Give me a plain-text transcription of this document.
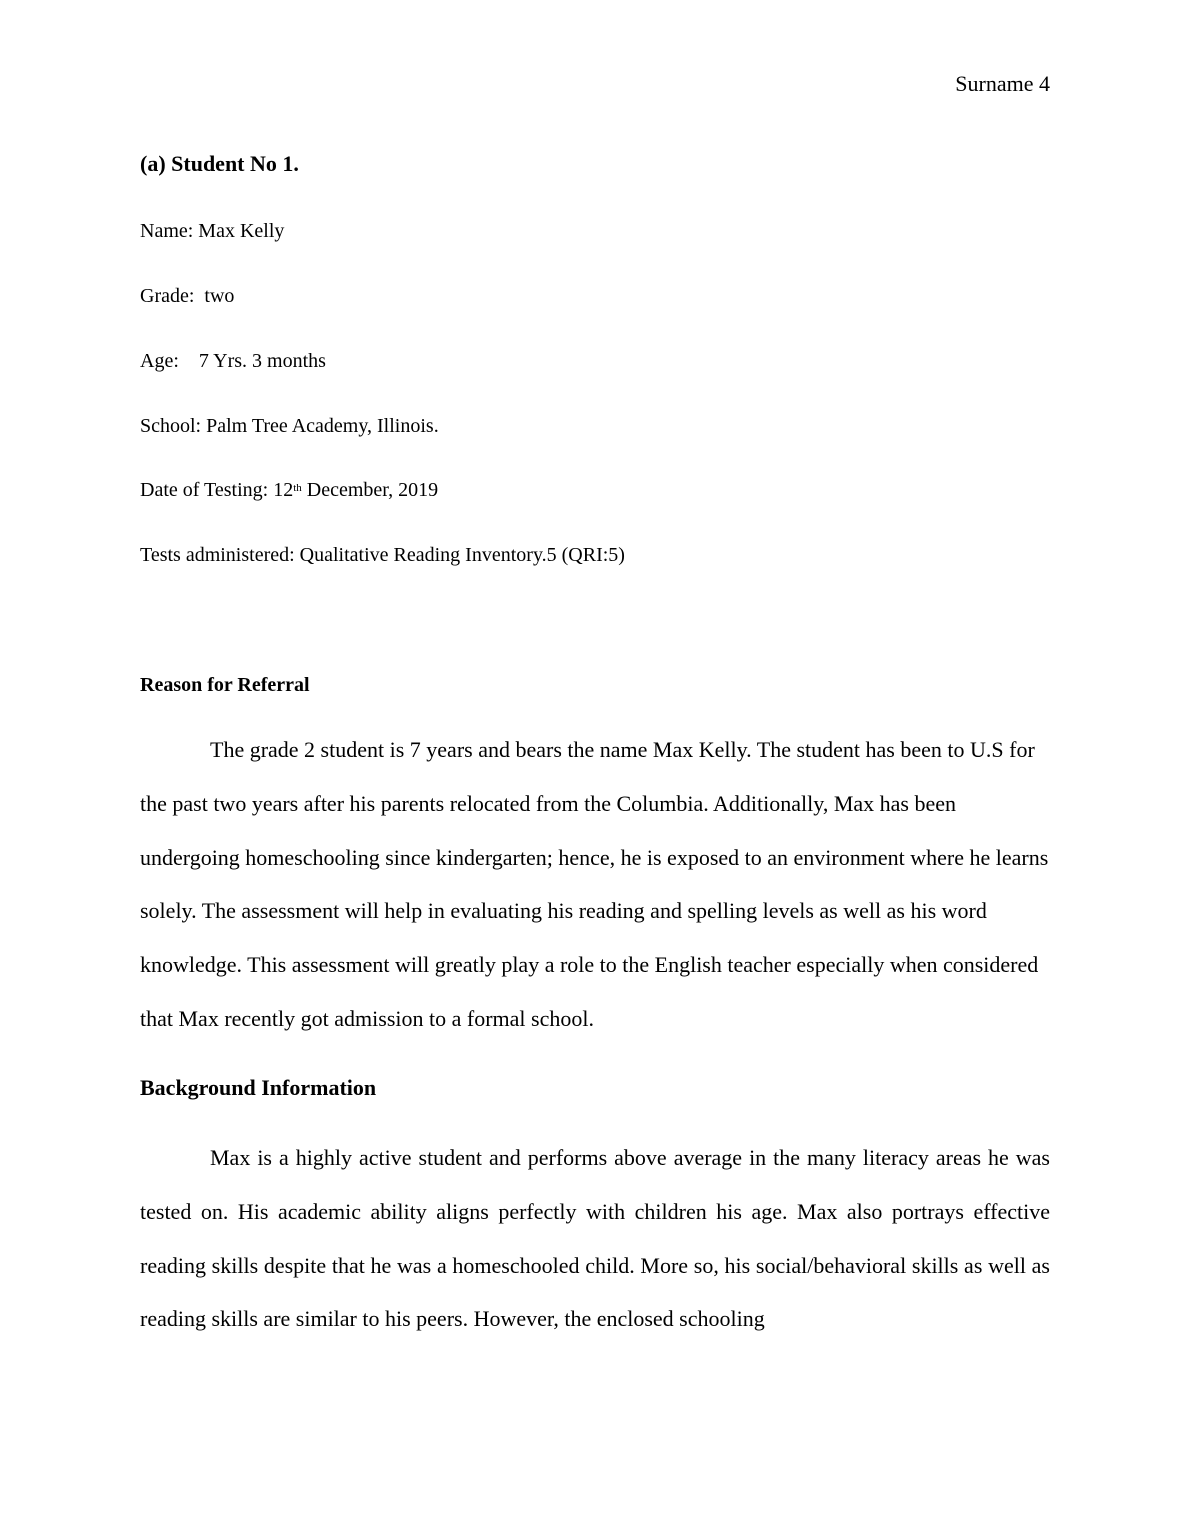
Surname 4
(a) Student No 1.
Name: Max Kelly
Grade:  two
Age:    7 Yrs. 3 months
School: Palm Tree Academy, Illinois.
Date of Testing: 12th December, 2019
Tests administered: Qualitative Reading Inventory.5 (QRI:5)
Reason for Referral

The grade 2 student is 7 years and bears the name Max Kelly. The student has been to U.S for the past two years after his parents relocated from the Columbia. Additionally, Max has been undergoing homeschooling since kindergarten; hence, he is exposed to an environment where he learns solely. The assessment will help in evaluating his reading and spelling levels as well as his word knowledge. This assessment will greatly play a role to the English teacher especially when considered that Max recently got admission to a formal school.

Background Information

Max is a highly active student and performs above average in the many literacy areas he was tested on. His academic ability aligns perfectly with children his age. Max also portrays effective reading skills despite that he was a homeschooled child. More so, his social/behavioral skills as well as reading skills are similar to his peers. However, the enclosed schooling
